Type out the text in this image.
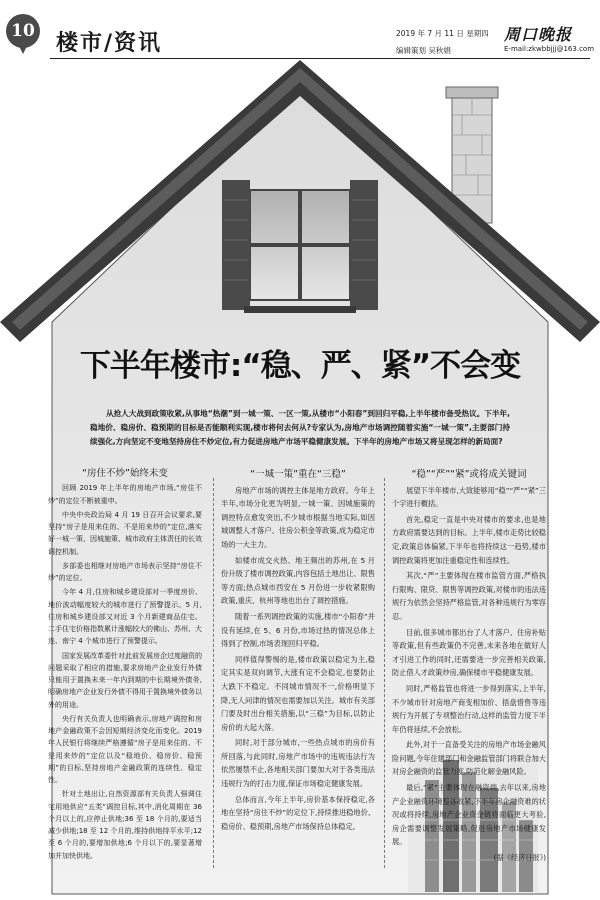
10 楼市/资讯	2019 年 7 月 11 日 星期四
编辑策划 吴秋娟
周口晚报
E-mail:zkwbbjjj@163.com
下半年楼市:“稳、严、紧”不会变
从抢人大战到政策收紧,从事地“热潮”到一城一策、一区一策,从楼市“小阳春”到回归平稳,上半年楼市备受热议。下半年,稳地价、稳房价、稳预期的目标是否能顺利实现,楼市将何去何从?专家认为,房地产市场调控随着实施“一城一策”,主要部门持续强化,方向坚定不变地坚持房住不炒定位,有力促进房地产市场平稳健康发展。下半年的房地产市场又将呈现怎样的新局面?

“房住不炒”始终未变

回顾 2019 年上半年的房地产市场,“房住不炒”的定位不断被重申。

中央中央政治局 4 月 19 日召开会议要求,要坚持“房子是用来住的、不是用来炒的”定位,落实好一城一策、因城施策、城市政府主体责任的长效调控机制。

多部委也相继对房地产市场表示坚持“房住不炒”的定位。

今年 4 月,住房和城乡建设部对一季度房价、地价波动幅度较大的城市进行了预警提示。5 月,住房和城乡建设部又对近 3 个月新建商品住宅、二手住宅价格指数累计涨幅较大的佛山、苏州、大连、南宁 4 个城市进行了预警提示。

国家发展改革委针对此前发展房企过度融资的问题采取了相应的措施,要求房地产企业发行外债只能用于置换未来一年内到期的中长期境外债务,明确房地产企业发行外债不得用于置换境外债务以外的用途。

央行有关负责人也明确表示,房地产调控和房地产金融政策不会因短期经济变化而变化。2019 年人民银行将继续严格遵循“房子是用来住的、不是用来炒的”定位以及“稳地价、稳房价、稳预期”的目标,坚持房地产金融政策的连续性、稳定性。

针对土地出让,自然资源部有关负责人强调住宅用地供应“五类”调控目标,其中,消化周期在 36 个月以上的,应停止供地;36 至 18 个月的,要适当减少供地;18 至 12 个月的,维持供地持平水平;12 至 6 个月的,要增加供地;6 个月以下的,要显著增加并加快供地。

“一城一策”重在“三稳”

房地产市场的调控主体是地方政府。今年上半年,市场分化更为明显,一城一策、因城施策的调控特点愈发突出,不少城市根据当地实际,如因城调整人才落户、住房公积金等政策,成为稳定市场的一大主力。

如楼市成交火热、地王频出的苏州,在 5 月份升级了楼市调控政策,内容包括土地出让、限售等方面;热点城市西安在 5 月份进一步收紧限购政策,重庆、杭州等地也出台了调控措施。

随着一系列调控政策的实施,楼市“小阳春”并没有延续,在 5、6 月份,市场过热的情况总体上得到了控制,市场表现回归平稳。

同样值得警惕的是,楼市政策以稳定为主,稳定其实是双向调节,大涨有定不会稳定,也要防止大跌下不稳定。不同城市情况不一,价格明显下降,无人问津的情况也需要加以关注。城市有关部门要及时出台相关措施,以“三稳”为目标,以防止房价的大起大落。

同时,对于部分城市,一些热点城市的房价有所回落,与此同时,房地产市场中的违规违法行为依然屡禁不止,各地相关部门要加大对于各类违法违规行为的打击力度,保证市场稳定健康发展。

总体而言,今年上半年,房价基本保持稳定,各地在坚持“房住不炒”的定位下,持续推进稳地价、稳房价、稳预期,房地产市场保持总体稳定。

“稳”“严”“紧”或将成关键词

展望下半年楼市,大致能够用“稳”“严”“紧”三个字进行概括。

首先,稳定一直是中央对楼市的要求,也是地方政府需要达到的目标。上半年,楼市走势比较稳定,政策总体偏紧,下半年也将持续这一趋势,楼市调控政策将更加注重稳定性和连续性。

其次,“严”主要体现在楼市监管方面,严格执行限购、限贷、限售等调控政策,对楼市的违法违规行为依然会坚持严格监管,对各种违规行为零容忍。

目前,很多城市都出台了人才落户、住房补贴等政策,但有些政策仍不完善,未来各地在做好人才引进工作的同时,还需要进一步完善相关政策,防止借人才政策炒房,确保楼市平稳健康发展。

同时,严格监管也将进一步得到落实,上半年,不少城市针对房地产商变相加价、捂盘惜售等违规行为开展了专项整治行动,这样的监管力度下半年仍将延续,不会放松。

此外,对于一直备受关注的房地产市场金融风险问题,今年住建部门和金融监管部门将联合加大对房企融资的监管力度,防范化解金融风险。

最后,“紧”主要体现在融资端,去年以来,房地产企业融资环境整体收紧,下半年房企融资难的状况或将持续,房地产企业资金链将面临更大考验,房企需要调整发展策略,促进房地产市场健康发展。

(据《经济日报》)
